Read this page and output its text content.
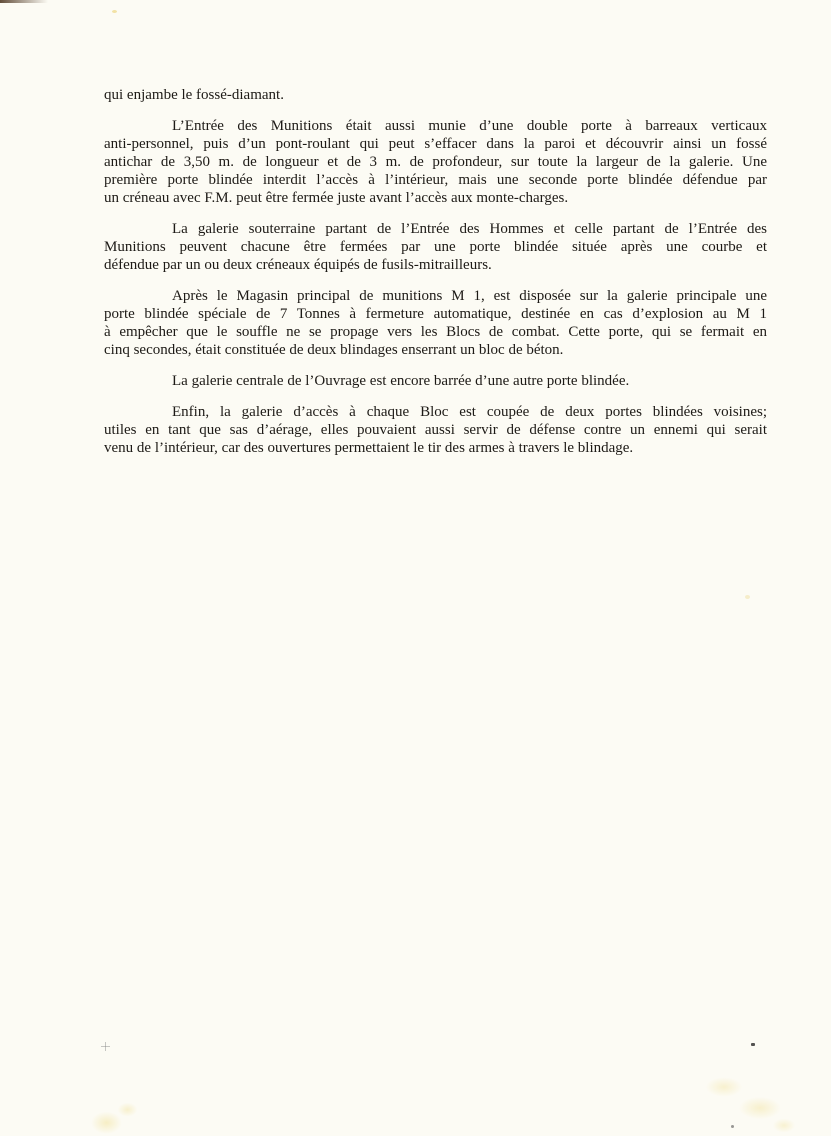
qui enjambe le fossé-diamant.
L’Entrée des Munitions était aussi munie d’une double porte à barreaux verticaux
anti-personnel, puis d’un pont-roulant qui peut s’effacer dans la paroi et découvrir ainsi un fossé
antichar de 3,50 m. de longueur et de 3 m. de profondeur, sur toute la largeur de la galerie. Une
première porte blindée interdit l’accès à l’intérieur, mais une seconde porte blindée défendue par
un créneau avec F.M. peut être fermée juste avant l’accès aux monte-charges.
La galerie souterraine partant de l’Entrée des Hommes et celle partant de l’Entrée des
Munitions peuvent chacune être fermées par une porte blindée située après une courbe et
défendue par un ou deux créneaux équipés de fusils-mitrailleurs.
Après le Magasin principal de munitions M 1, est disposée sur la galerie principale une
porte blindée spéciale de 7 Tonnes à fermeture automatique, destinée en cas d’explosion au M 1
à empêcher que le souffle ne se propage vers les Blocs de combat. Cette porte, qui se fermait en
cinq secondes, était constituée de deux blindages enserrant un bloc de béton.
La galerie centrale de l’Ouvrage est encore barrée d’une autre porte blindée.
Enfin, la galerie d’accès à chaque Bloc est coupée de deux portes blindées voisines;
utiles en tant que sas d’aérage, elles pouvaient aussi servir de défense contre un ennemi qui serait
venu de l’intérieur, car des ouvertures permettaient le tir des armes à travers le blindage.
